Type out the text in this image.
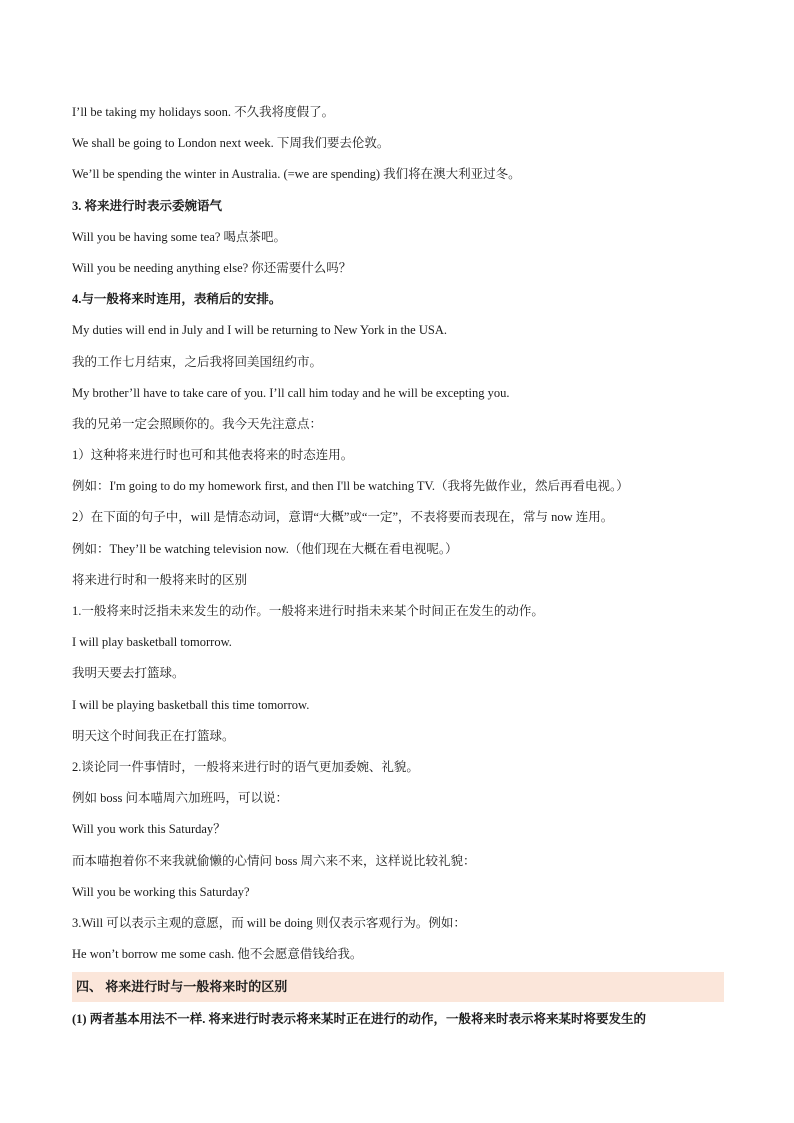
I’ll be taking my holidays soon. 不久我将度假了。
We shall be going to London next week. 下周我们要去伦敦。
We’ll be spending the winter in Australia. (=we are spending) 我们将在澳大利亚过冬。
3. 将来进行时表示委婉语气
Will you be having some tea? 喝点茶吧。
Will you be needing anything else? 你还需要什么吗？
4.与一般将来时连用，表稍后的安排。
My duties will end in July and I will be returning to New York in the USA.
我的工作七月结束，之后我将回美国纽约市。
My brother’ll have to take care of you. I’ll call him today and he will be excepting you.
我的兄弟一定会照顾你的。我今天先注意点：
1）这种将来进行时也可和其他表将来的时态连用。
例如：I'm going to do my homework first, and then I'll be watching TV.（我将先做作业，然后再看电视。）
2）在下面的句子中，will 是情态动词，意谓“大概”或“一定”，不表将要而表现在，常与 now 连用。
例如：They’ll be watching television now.（他们现在大概在看电视呢。）
将来进行时和一般将来时的区别
1.一般将来时泛指未来发生的动作。一般将来进行时指未来某个时间正在发生的动作。
I will play basketball tomorrow.
我明天要去打篮球。
I will be playing basketball this time tomorrow.
明天这个时间我正在打篮球。
2.谈论同一件事情时，一般将来进行时的语气更加委婉、礼貌。
例如 boss 问本喵周六加班吗，可以说：
Will you work this Saturday？
而本喵抱着你不来我就偷懒的心情问 boss 周六来不来，这样说比较礼貌：
Will you be working this Saturday?
3.Will 可以表示主观的意愿，而 will be doing 则仅表示客观行为。例如：
He won’t borrow me some cash. 他不会愿意借钱给我。
四、 将来进行时与一般将来时的区别
(1) 两者基本用法不一样. 将来进行时表示将来某时正在进行的动作，一般将来时表示将来某时将要发生的
